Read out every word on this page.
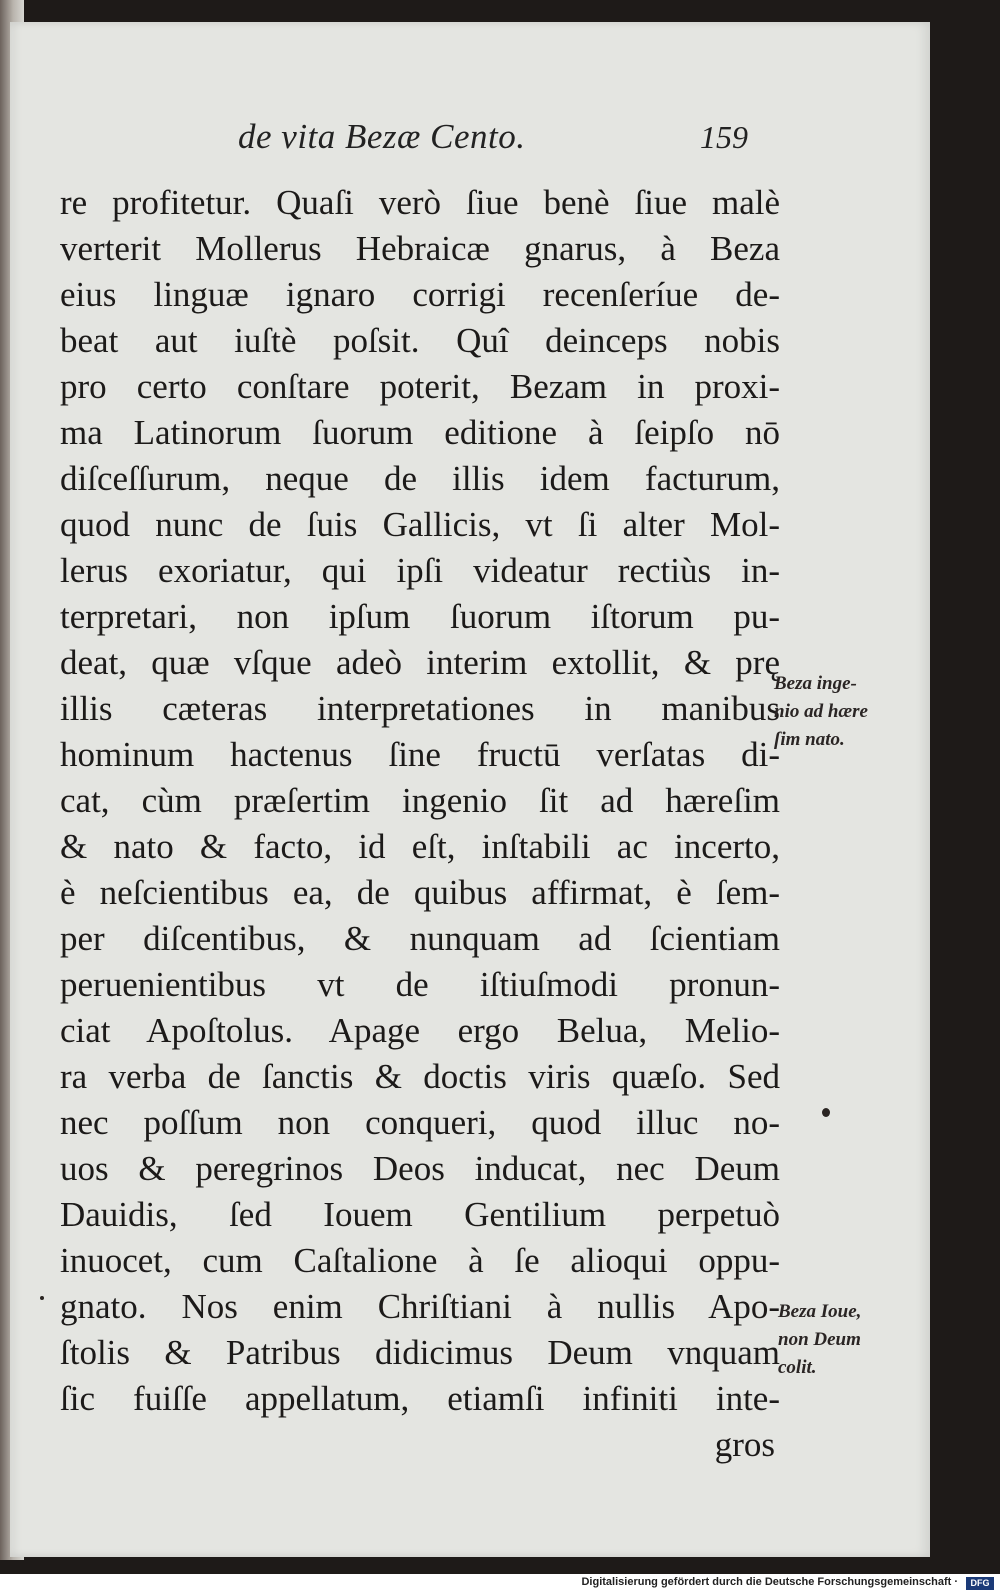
de vita Bezæ Cento.	159
re profitetur. Quaſi verò ſiue benè ſiue malè
verterit Mollerus Hebraicæ gnarus, à Beza
eius linguæ ignaro corrigi recenſeríue de-
beat aut iuſtè poſsit. Quî deinceps nobis
pro certo conſtare poterit, Bezam in proxi-
ma Latinorum ſuorum editione à ſeipſo nō
diſceſſurum, neque de illis idem facturum,
quod nunc de ſuis Gallicis, vt ſi alter Mol-
lerus exoriatur, qui ipſi videatur rectiùs in-
terpretari, non ipſum ſuorum iſtorum pu-
deat, quæ vſque adeò interim extollit, & prę
illis cæteras interpretationes in manibus
hominum hactenus ſine fructū verſatas di-
cat, cùm præſertim ingenio ſit ad hæreſim
& nato & facto, id eſt, inſtabili ac incerto,
è neſcientibus ea, de quibus affirmat, è ſem-
per diſcentibus, & nunquam ad ſcientiam
peruenientibus vt de iſtiuſmodi pronun-
ciat Apoſtolus. Apage ergo Belua, Melio-
ra verba de ſanctis & doctis viris quæſo. Sed
nec poſſum non conqueri, quod illuc no-
uos & peregrinos Deos inducat, nec Deum
Dauidis, ſed Iouem Gentilium perpetuò
inuocet, cum Caſtalione à ſe alioqui oppu-
gnato. Nos enim Chriſtiani à nullis Apo-
ſtolis & Patribus didicimus Deum vnquam
ſic fuiſſe appellatum, etiamſi infiniti inte-
gros
Beza inge-
nio ad hære
ſim nato.
Beza Ioue,
non Deum
colit.
Digitalisierung gefördert durch die Deutsche Forschungsgemeinschaft ·	DFG
